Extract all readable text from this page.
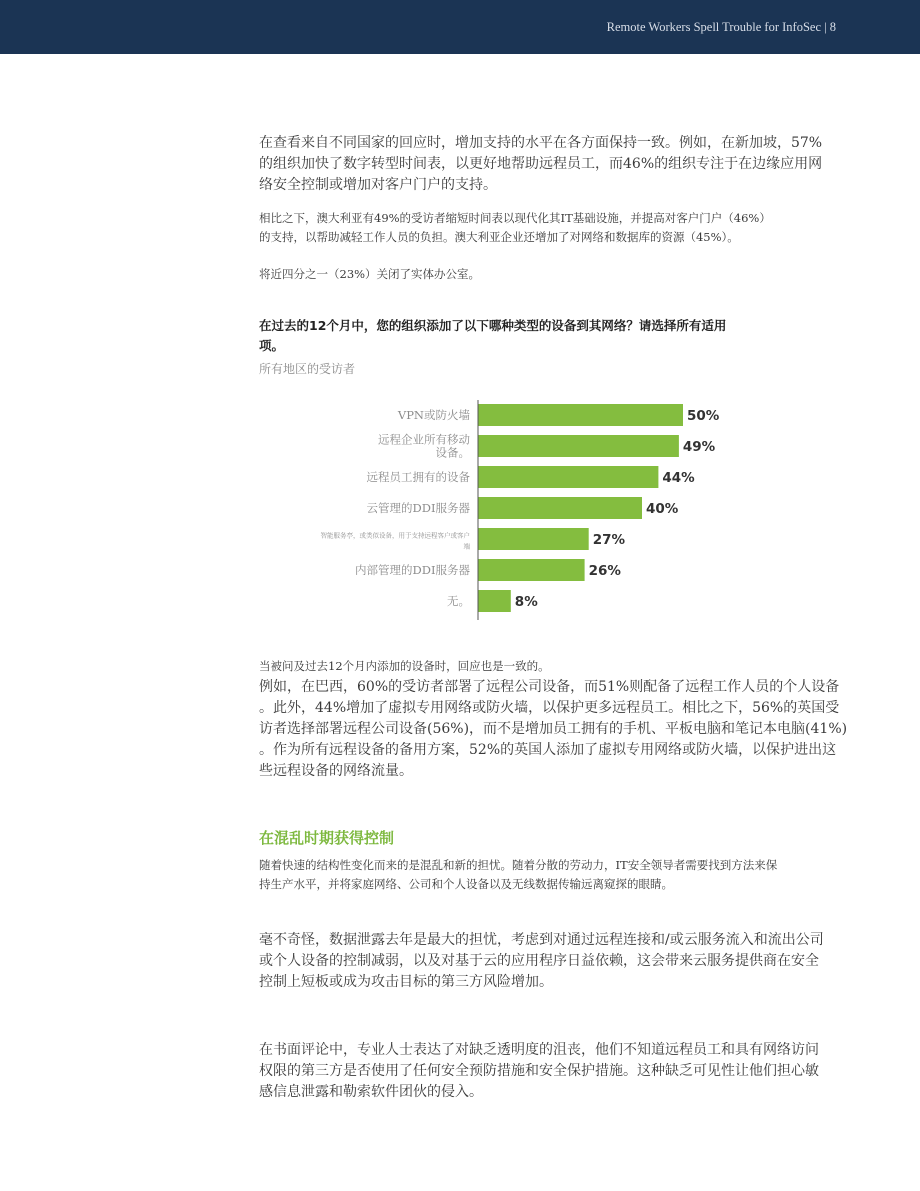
Remote Workers Spell Trouble for InfoSec | 8

在查看来自不同国家的回应时，增加支持的水平在各方面保持一致。例如，在新加坡，57%
的组织加快了数字转型时间表，以更好地帮助远程员工，而46%的组织专注于在边缘应用网
络安全控制或增加对客户门户的支持。

相比之下，澳大利亚有49%的受访者缩短时间表以现代化其IT基础设施，并提高对客户门户（46%）
的支持，以帮助减轻工作人员的负担。澳大利亚企业还增加了对网络和数据库的资源（45%）。

将近四分之一（23%）关闭了实体办公室。

在过去的12个月中，您的组织添加了以下哪种类型的设备到其网络？请选择所有适用
项。

所有地区的受访者

50%
VPN或防火墙
49%
远程企业所有移动
设备。
44%
远程员工拥有的设备
40%
云管理的DDI服务器
27%
智能服务亭，或类似设备，用于支持远程客户或客户
端
26%
内部管理的DDI服务器
8%
无。

当被问及过去12个月内添加的设备时，回应也是一致的。

例如，在巴西，60%的受访者部署了远程公司设备，而51%则配备了远程工作人员的个人设备
。此外，44%增加了虚拟专用网络或防火墙，以保护更多远程员工。相比之下，56%的英国受
访者选择部署远程公司设备(56%)，而不是增加员工拥有的手机、平板电脑和笔记本电脑(41%)
。作为所有远程设备的备用方案，52%的英国人添加了虚拟专用网络或防火墙，以保护进出这
些远程设备的网络流量。

在混乱时期获得控制

随着快速的结构性变化而来的是混乱和新的担忧。随着分散的劳动力，IT安全领导者需要找到方法来保
持生产水平，并将家庭网络、公司和个人设备以及无线数据传输远离窥探的眼睛。

毫不奇怪，数据泄露去年是最大的担忧，考虑到对通过远程连接和/或云服务流入和流出公司
或个人设备的控制减弱，以及对基于云的应用程序日益依赖，这会带来云服务提供商在安全
控制上短板或成为攻击目标的第三方风险增加。

在书面评论中，专业人士表达了对缺乏透明度的沮丧，他们不知道远程员工和具有网络访问
权限的第三方是否使用了任何安全预防措施和安全保护措施。这种缺乏可见性让他们担心敏
感信息泄露和勒索软件团伙的侵入。
